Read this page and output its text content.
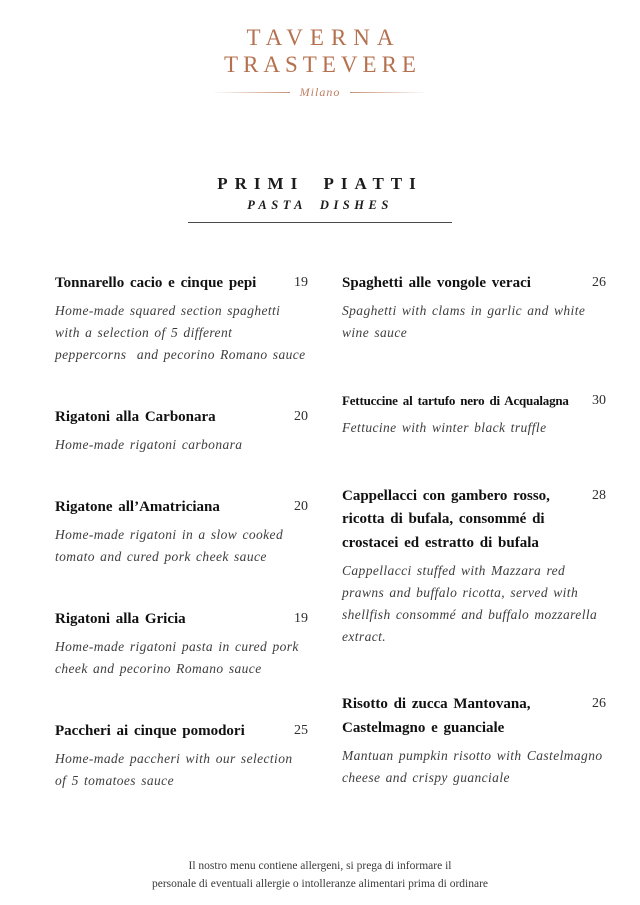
TAVERNA
TRASTEVERE
Milano
PRIMI PIATTI
PASTA DISHES
Tonnarello cacio e cinque pepi	19

Home-made squared section spaghetti with a selection of 5 different peppercorns  and pecorino Romano sauce

Rigatoni alla Carbonara	20

Home-made rigatoni carbonara

Rigatone all’Amatriciana	20

Home-made rigatoni in a slow cooked tomato and cured pork cheek sauce

Rigatoni alla Gricia	19

Home-made rigatoni pasta in cured pork cheek and pecorino Romano sauce

Paccheri ai cinque pomodori	25

Home-made paccheri with our selection of 5 tomatoes sauce

Spaghetti alle vongole veraci	26

Spaghetti with clams in garlic and white wine sauce

Fettuccine al tartufo nero di Acqualagna 30

Fettucine with winter black truffle

Cappellacci con gambero rosso, ricotta di bufala, consommé di crostacei ed estratto di bufala
28

Cappellacci stuffed with Mazzara red prawns and buffalo ricotta, served with shellfish consommé and buffalo mozzarella extract.

Risotto di zucca Mantovana, Castelmagno e guanciale
26

Mantuan pumpkin risotto with Castelmagno cheese and crispy guanciale

Il nostro menu contiene allergeni, si prega di informare il
personale di eventuali allergie o intolleranze alimentari prima di ordinare
